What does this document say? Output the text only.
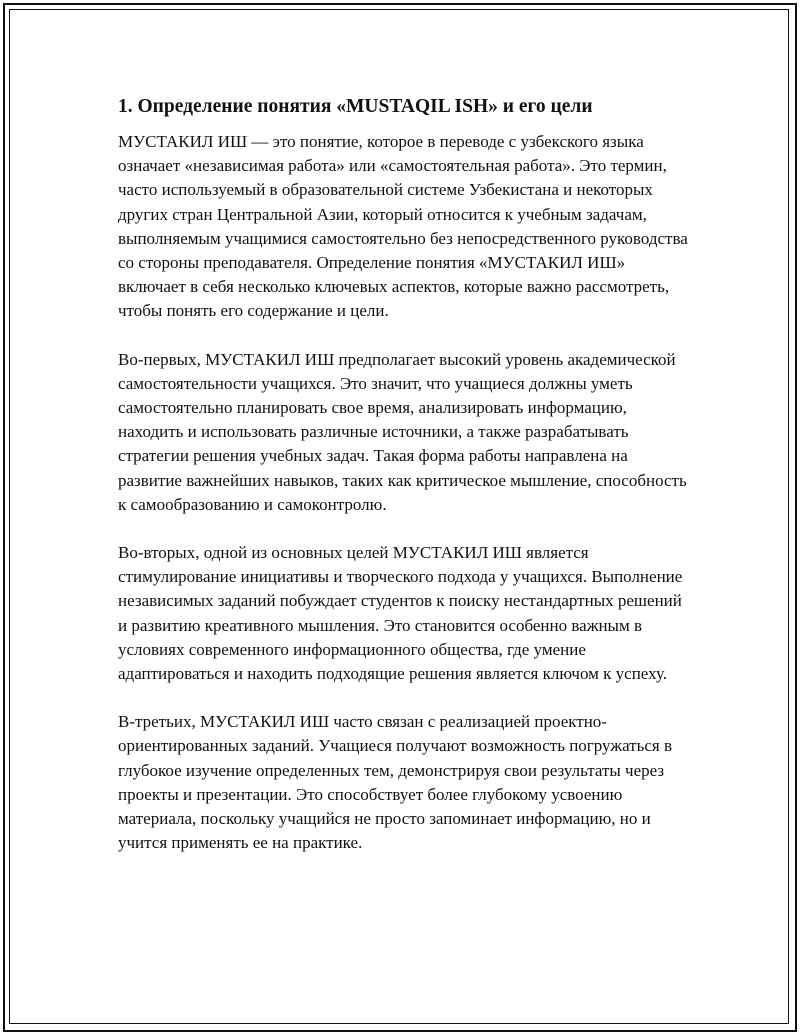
1. Определение понятия «MUSTAQIL ISH» и его цели

МУСТАКИЛ ИШ — это понятие, которое в переводе с узбекского языка означает «независимая работа» или «самостоятельная работа». Это термин, часто используемый в образовательной системе Узбекистана и некоторых других стран Центральной Азии, который относится к учебным задачам, выполняемым учащимися самостоятельно без непосредственного руководства со стороны преподавателя. Определение понятия «МУСТАКИЛ ИШ» включает в себя несколько ключевых аспектов, которые важно рассмотреть, чтобы понять его содержание и цели.

Во-первых, МУСТАКИЛ ИШ предполагает высокий уровень академической самостоятельности учащихся. Это значит, что учащиеся должны уметь самостоятельно планировать свое время, анализировать информацию, находить и использовать различные источники, а также разрабатывать стратегии решения учебных задач. Такая форма работы направлена на развитие важнейших навыков, таких как критическое мышление, способность к самообразованию и самоконтролю.

Во-вторых, одной из основных целей МУСТАКИЛ ИШ является стимулирование инициативы и творческого подхода у учащихся. Выполнение независимых заданий побуждает студентов к поиску нестандартных решений и развитию креативного мышления. Это становится особенно важным в условиях современного информационного общества, где умение адаптироваться и находить подходящие решения является ключом к успеху.

В-третьих, МУСТАКИЛ ИШ часто связан с реализацией проектно-ориентированных заданий. Учащиеся получают возможность погружаться в глубокое изучение определенных тем, демонстрируя свои результаты через проекты и презентации. Это способствует более глубокому усвоению материала, поскольку учащийся не просто запоминает информацию, но и учится применять ее на практике.
